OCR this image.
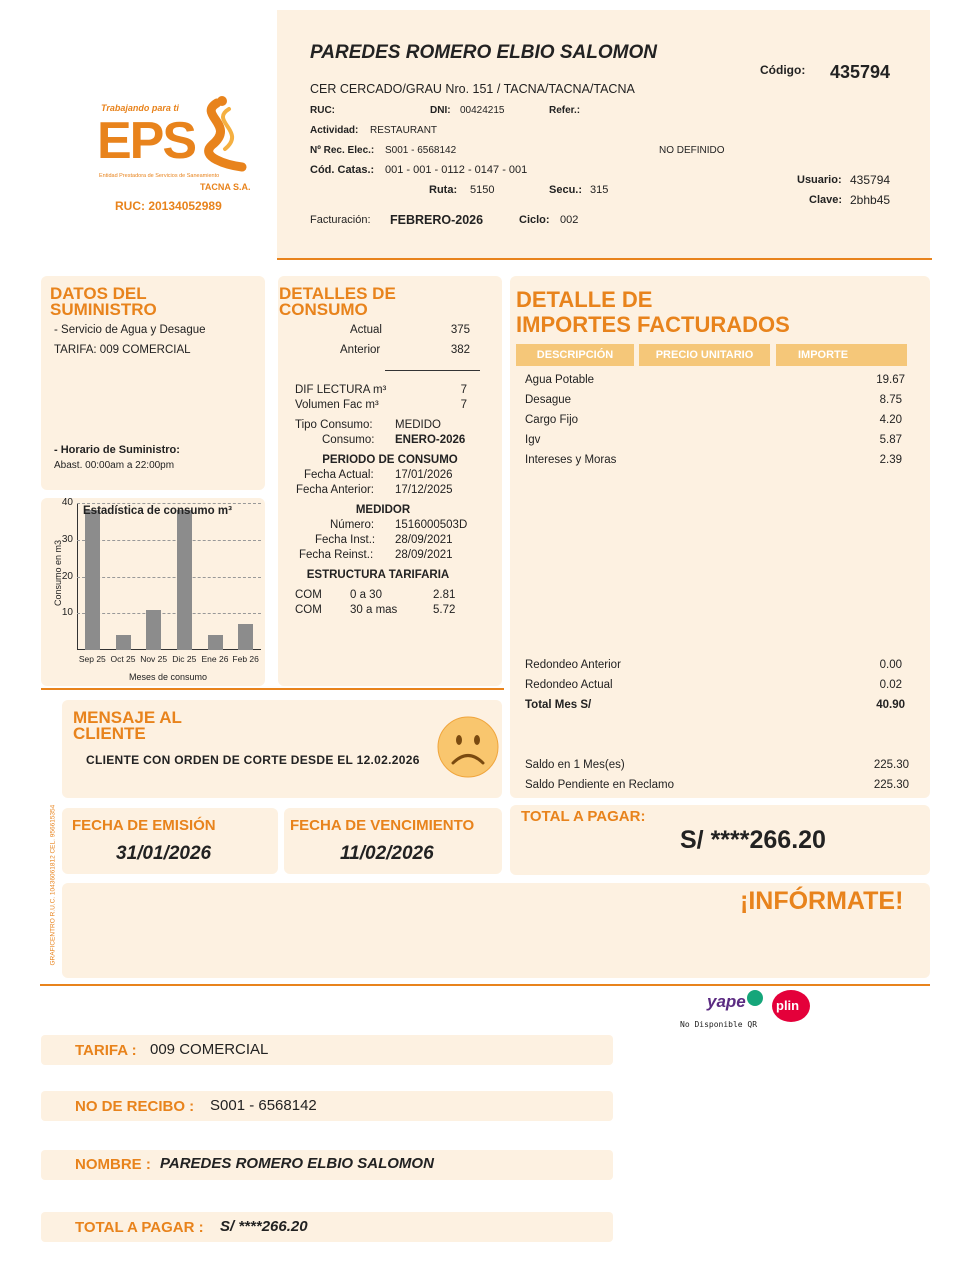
PAREDES ROMERO ELBIO SALOMON
CER CERCADO/GRAU Nro. 151 / TACNA/TACNA/TACNA
Código: 435794
RUC:	DNI: 00424215	Refer.:
Actividad: RESTAURANT
Nº Rec. Elec.: S001 - 6568142	NO DEFINIDO
Cód. Catas.: 001 - 001 - 0112 - 0147 - 001
Ruta: 5150	Secu.: 315
Usuario: 435794
Clave: 2bhb45
Facturación: FEBRERO-2026	Ciclo: 002
Trabajando para ti
EPS
Entidad Prestadora de Servicios de Saneamiento
TACNA S.A.
RUC: 20134052989
DATOS DEL
SUMINISTRO
- Servicio de Agua y Desague
TARIFA: 009 COMERCIAL
- Horario de Suministro:
Abast. 00:00am a 22:00pm
Consumo en m3
Meses de consumo
10
20
30
40
Sep 25 Oct 25 Nov 25 Dic 25 Ene 26 Feb 26
Estadística de consumo m³
DETALLES DE
CONSUMO
Actual	375
Anterior	382
DIF LECTURA m³	7
Volumen Fac m³	7
Tipo Consumo: MEDIDO
Consumo: ENERO-2026
PERIODO DE CONSUMO
Fecha Actual: 17/01/2026
Fecha Anterior: 17/12/2025
MEDIDOR
Número: 1516000503D
Fecha Inst.: 28/09/2021
Fecha Reinst.: 28/09/2021
ESTRUCTURA TARIFARIA
COM 0 a 30	2.81
COM 30 a mas	5.72
DETALLE DE
IMPORTES FACTURADOS
DESCRIPCIÓN	PRECIO UNITARIO	IMPORTE
Agua Potable	19.67
Desague	8.75
Cargo Fijo	4.20
Igv	5.87
Intereses y Moras	2.39
Redondeo Anterior	0.00
Redondeo Actual	0.02
Total Mes S/	40.90
Saldo en 1 Mes(es)	225.30
Saldo Pendiente en Reclamo	225.30
MENSAJE AL
CLIENTE
CLIENTE CON ORDEN DE CORTE DESDE EL 12.02.2026
GRAFICENTRO R.U.C. 10436061812 CEL. 956615354 FECHA DE EMISIÓN
31/01/2026
FECHA DE VENCIMIENTO
11/02/2026
TOTAL A PAGAR:
S/ ****266.20
¡INFÓRMATE!
yape plin
No Disponible QR
TARIFA : 009 COMERCIAL
NO DE RECIBO : S001 - 6568142
NOMBRE : PAREDES ROMERO ELBIO SALOMON
TOTAL A PAGAR : S/ ****266.20
